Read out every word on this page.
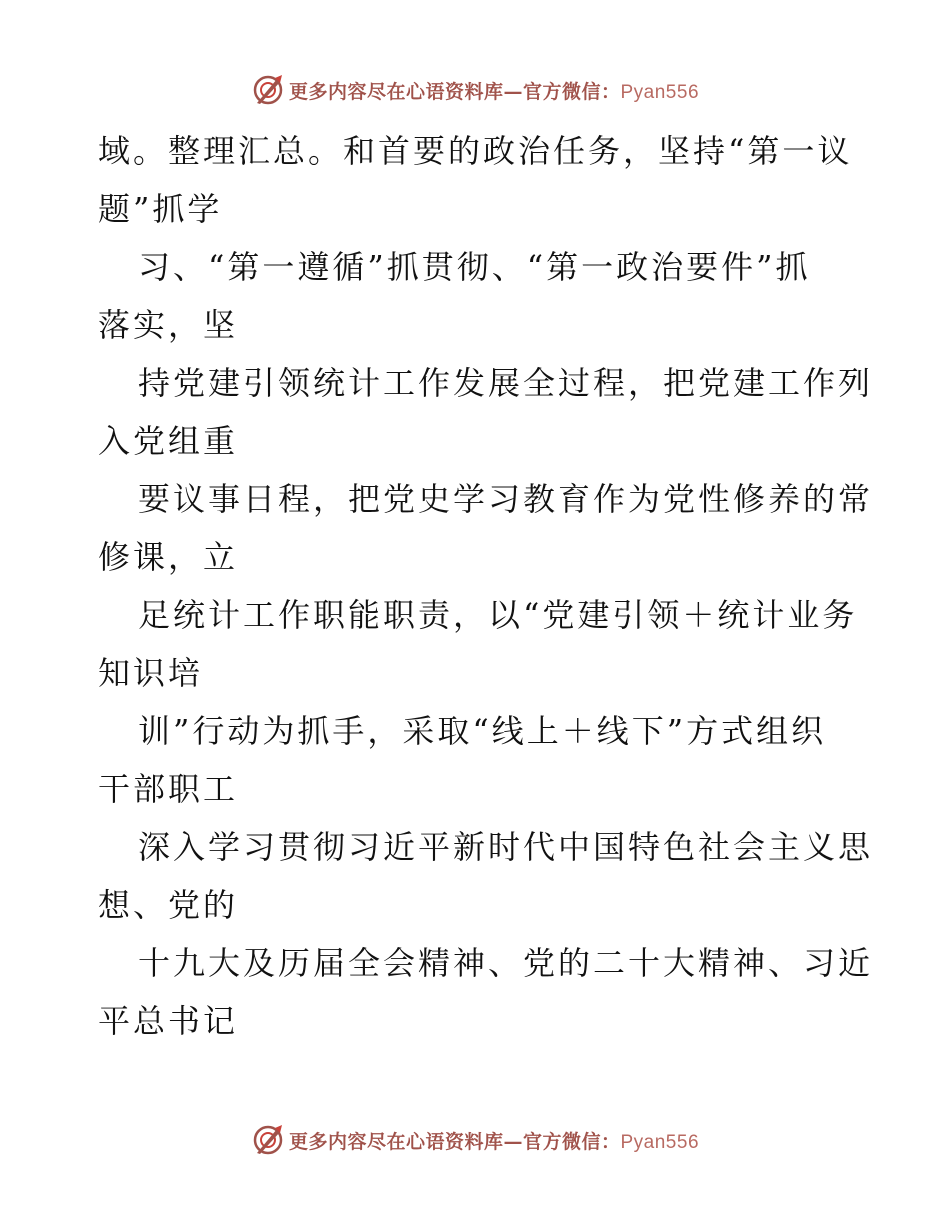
更多内容尽在心语资料库—官方微信：Pyan556
域。整理汇总。和首要的政治任务，坚持“第一议
题”抓学
习、“第一遵循”抓贯彻、“第一政治要件”抓
落实，坚
持党建引领统计工作发展全过程，把党建工作列
入党组重
要议事日程，把党史学习教育作为党性修养的常
修课，立
足统计工作职能职责，以“党建引领＋统计业务
知识培
训”行动为抓手，采取“线上＋线下”方式组织
干部职工
深入学习贯彻习近平新时代中国特色社会主义思
想、党的
十九大及历届全会精神、党的二十大精神、习近
平总书记
更多内容尽在心语资料库—官方微信：Pyan556
